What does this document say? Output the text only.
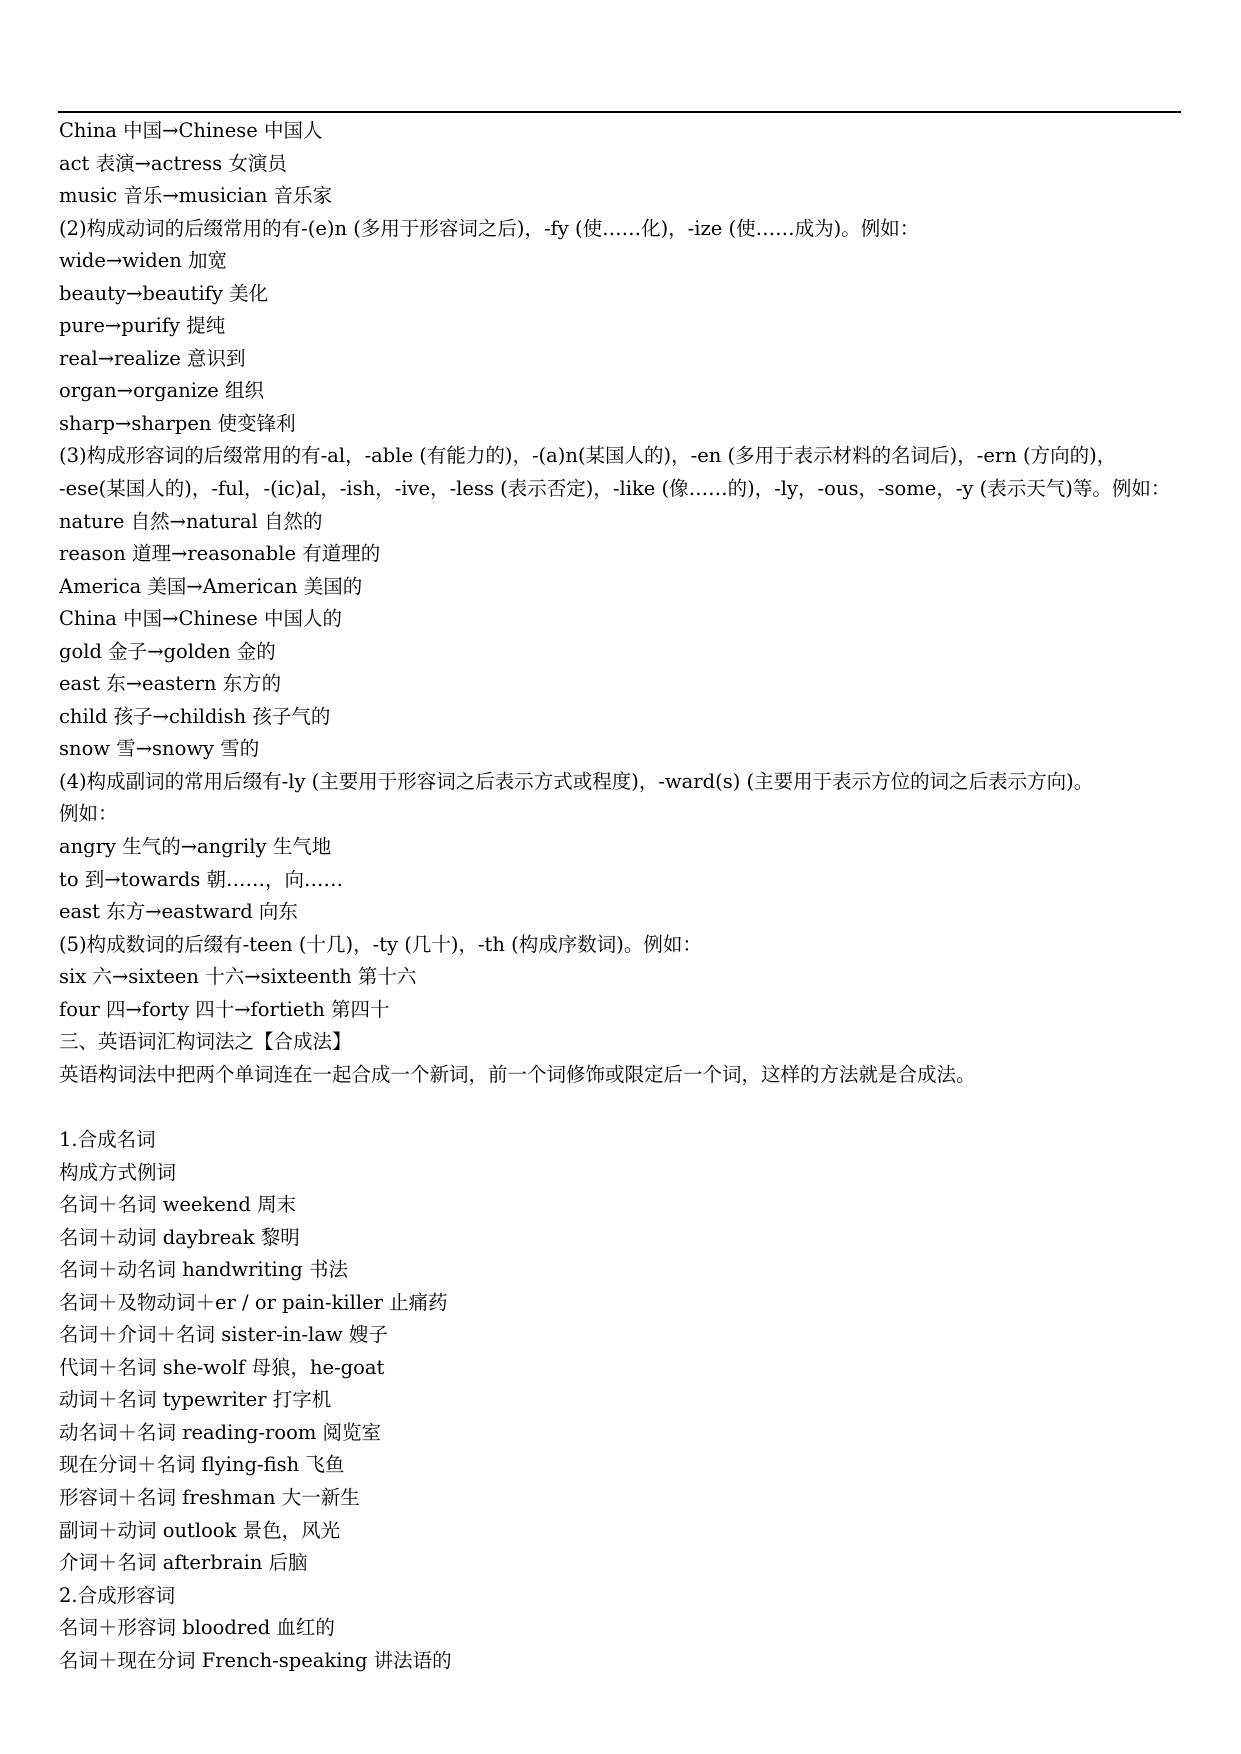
China 中国→Chinese 中国人
act 表演→actress 女演员
music 音乐→musician 音乐家
(2)构成动词的后缀常用的有-(e)n (多用于形容词之后)，-fy (使……化)，-ize (使……成为)。例如：
wide→widen 加宽
beauty→beautify 美化
pure→purify 提纯
real→realize 意识到
organ→organize 组织
sharp→sharpen 使变锋利
(3)构成形容词的后缀常用的有-al，-able (有能力的)，-(a)n(某国人的)，-en (多用于表示材料的名词后)，-ern (方向的)，
-ese(某国人的)，-ful，-(ic)al，-ish，-ive，-less (表示否定)，-like (像……的)，-ly，-ous，-some，-y (表示天气)等。例如：
nature 自然→natural 自然的
reason 道理→reasonable 有道理的
America 美国→American 美国的
China 中国→Chinese 中国人的
gold 金子→golden 金的
east 东→eastern 东方的
child 孩子→childish 孩子气的
snow 雪→snowy 雪的
(4)构成副词的常用后缀有-ly (主要用于形容词之后表示方式或程度)，-ward(s) (主要用于表示方位的词之后表示方向)。
例如：
angry 生气的→angrily 生气地
to 到→towards 朝……，向……
east 东方→eastward 向东
(5)构成数词的后缀有-teen (十几)，-ty (几十)，-th (构成序数词)。例如：
six 六→sixteen 十六→sixteenth 第十六
four 四→forty 四十→fortieth 第四十
三、英语词汇构词法之【合成法】
英语构词法中把两个单词连在一起合成一个新词，前一个词修饰或限定后一个词，这样的方法就是合成法。
1.合成名词
构成方式例词
名词＋名词 weekend 周末
名词＋动词 daybreak 黎明
名词＋动名词 handwriting 书法
名词＋及物动词＋er / or pain-killer 止痛药
名词＋介词＋名词 sister-in-law 嫂子
代词＋名词 she-wolf 母狼，he-goat
动词＋名词 typewriter 打字机
动名词＋名词 reading-room 阅览室
现在分词＋名词 flying-fish 飞鱼
形容词＋名词 freshman 大一新生
副词＋动词 outlook 景色，风光
介词＋名词 afterbrain 后脑
2.合成形容词
名词＋形容词 bloodred 血红的
名词＋现在分词 French-speaking 讲法语的
